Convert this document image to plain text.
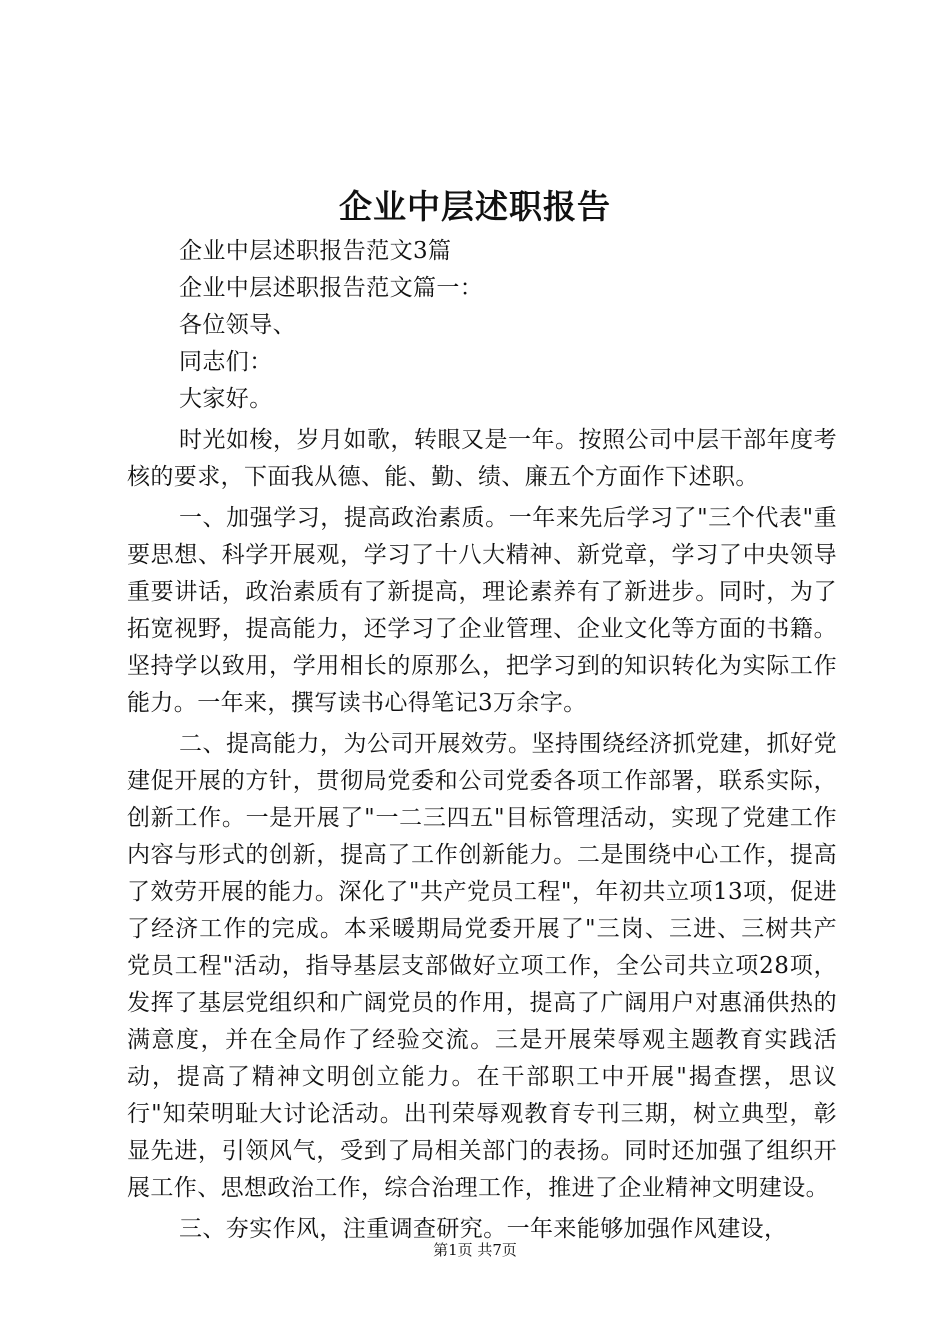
企业中层述职报告

企业中层述职报告范文3篇

企业中层述职报告范文篇一：

各位领导、

同志们：

大家好。

时光如梭，岁月如歌，转眼又是一年。按照公司中层干部年度考核的要求，下面我从德、能、勤、绩、廉五个方面作下述职。

一、加强学习，提高政治素质。一年来先后学习了"三个代表"重要思想、科学开展观，学习了十八大精神、新党章，学习了中央领导重要讲话，政治素质有了新提高，理论素养有了新进步。同时，为了拓宽视野，提高能力，还学习了企业管理、企业文化等方面的书籍。坚持学以致用，学用相长的原那么，把学习到的知识转化为实际工作能力。一年来，撰写读书心得笔记3万余字。

二、提高能力，为公司开展效劳。坚持围绕经济抓党建，抓好党建促开展的方针，贯彻局党委和公司党委各项工作部署，联系实际，创新工作。一是开展了"一二三四五"目标管理活动，实现了党建工作内容与形式的创新，提高了工作创新能力。二是围绕中心工作，提高了效劳开展的能力。深化了"共产党员工程"，年初共立项13项，促进了经济工作的完成。本采暖期局党委开展了"三岗、三进、三树共产党员工程"活动，指导基层支部做好立项工作，全公司共立项28项，发挥了基层党组织和广阔党员的作用，提高了广阔用户对惠涌供热的满意度，并在全局作了经验交流。三是开展荣辱观主题教育实践活动，提高了精神文明创立能力。在干部职工中开展"揭查摆，思议行"知荣明耻大讨论活动。出刊荣辱观教育专刊三期，树立典型，彰显先进，引领风气，受到了局相关部门的表扬。同时还加强了组织开展工作、思想政治工作，综合治理工作，推进了企业精神文明建设。

三、夯实作风，注重调查研究。一年来能够加强作风建设，

第1页 共7页
